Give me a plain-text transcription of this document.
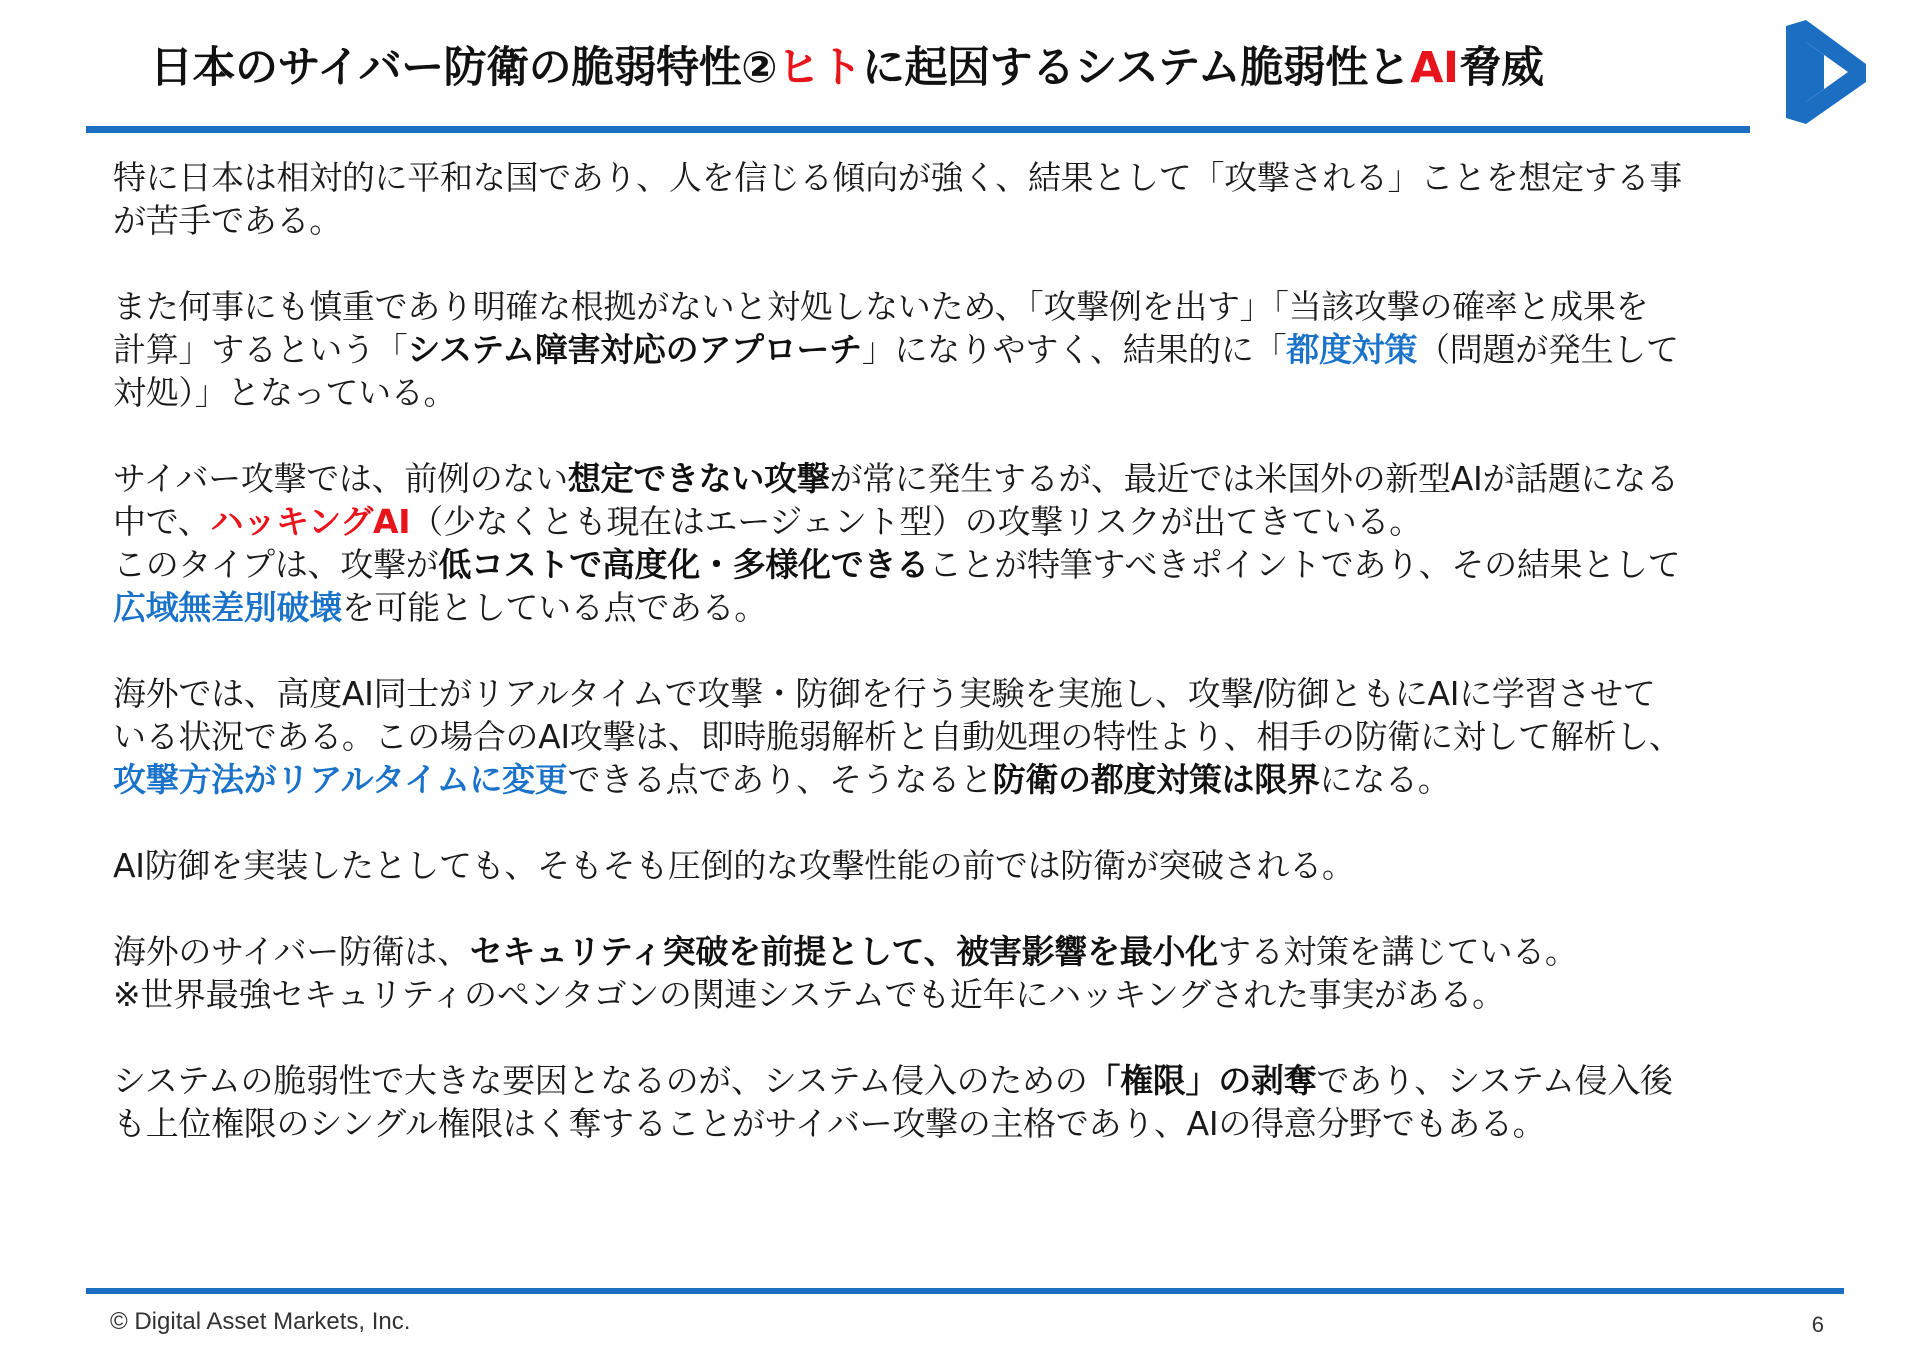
日本のサイバー防衛の脆弱特性②ヒトに起因するシステム脆弱性とAI脅威
特に日本は相対的に平和な国であり、人を信じる傾向が強く、結果として「攻撃される」ことを想定する事
が苦手である。
また何事にも慎重であり明確な根拠がないと対処しないため、「攻撃例を出す」「当該攻撃の確率と成果を
計算」するという「システム障害対応のアプローチ」になりやすく、結果的に「都度対策（問題が発生して
対処）」となっている。
サイバー攻撃では、前例のない想定できない攻撃が常に発生するが、最近では米国外の新型AIが話題になる
中で、ハッキングAI（少なくとも現在はエージェント型）の攻撃リスクが出てきている。
このタイプは、攻撃が低コストで高度化・多様化できることが特筆すべきポイントであり、その結果として
広域無差別破壊を可能としている点である。
海外では、高度AI同士がリアルタイムで攻撃・防御を行う実験を実施し、攻撃/防御ともにAIに学習させて
いる状況である。この場合のAI攻撃は、即時脆弱解析と自動処理の特性より、相手の防衛に対して解析し、
攻撃方法がリアルタイムに変更できる点であり、そうなると防衛の都度対策は限界になる。
AI防御を実装したとしても、そもそも圧倒的な攻撃性能の前では防衛が突破される。
海外のサイバー防衛は、セキュリティ突破を前提として、被害影響を最小化する対策を講じている。
※世界最強セキュリティのペンタゴンの関連システムでも近年にハッキングされた事実がある。
システムの脆弱性で大きな要因となるのが、システム侵入のための「権限」の剥奪であり、システム侵入後
も上位権限のシングル権限はく奪することがサイバー攻撃の主格であり、AIの得意分野でもある。
© Digital Asset Markets, Inc.	6
